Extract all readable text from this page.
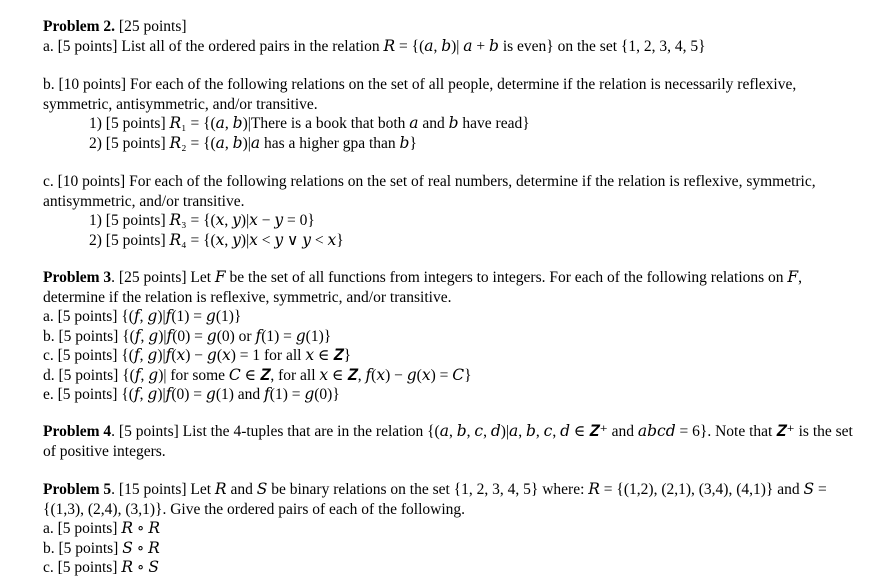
Problem 2. [25 points]
a. [5 points] List all of the ordered pairs in the relation 𝑅 = {(𝑎, 𝑏)| 𝑎 + 𝑏 is even} on the set {1, 2, 3, 4, 5}
b. [10 points] For each of the following relations on the set of all people, determine if the relation is necessarily reflexive, symmetric, antisymmetric, and/or transitive.
1) [5 points] 𝑅₁ = {(𝑎, 𝑏)|There is a book that both 𝑎 and 𝑏 have read}
2) [5 points] 𝑅₂ = {(𝑎, 𝑏)|𝑎 has a higher gpa than 𝑏}
c. [10 points] For each of the following relations on the set of real numbers, determine if the relation is reflexive, symmetric, antisymmetric, and/or transitive.
1) [5 points] 𝑅₃ = {(𝑥, 𝑦)|𝑥 − 𝑦 = 0}
2) [5 points] 𝑅₄ = {(𝑥, 𝑦)|𝑥 < 𝑦 ∨ 𝑦 < 𝑥}
Problem 3. [25 points] Let 𝐹 be the set of all functions from integers to integers. For each of the following relations on 𝐹, determine if the relation is reflexive, symmetric, and/or transitive.
a. [5 points] {(𝑓, 𝑔)|𝑓(1) = 𝑔(1)}
b. [5 points] {(𝑓, 𝑔)|𝑓(0) = 𝑔(0) or 𝑓(1) = 𝑔(1)}
c. [5 points] {(𝑓, 𝑔)|𝑓(𝑥) − 𝑔(𝑥) = 1 for all 𝑥 ∈ 𝒁}
d. [5 points] {(𝑓, 𝑔)| for some 𝐶 ∈ 𝒁, for all 𝑥 ∈ 𝒁, 𝑓(𝑥) − 𝑔(𝑥) = 𝐶}
e. [5 points] {(𝑓, 𝑔)|𝑓(0) = 𝑔(1) and 𝑓(1) = 𝑔(0)}
Problem 4. [5 points] List the 4-tuples that are in the relation {(𝑎, 𝑏, 𝑐, 𝑑)|𝑎, 𝑏, 𝑐, 𝑑 ∈ 𝒁⁺ and 𝑎𝑏𝑐𝑑 = 6}. Note that 𝒁⁺ is the set of positive integers.
Problem 5. [15 points] Let 𝑅 and 𝑆 be binary relations on the set {1, 2, 3, 4, 5} where: 𝑅 = {(1,2), (2,1), (3,4), (4,1)} and 𝑆 = {(1,3), (2,4), (3,1)}. Give the ordered pairs of each of the following.
a. [5 points] 𝑅 ∘ 𝑅
b. [5 points] 𝑆 ∘ 𝑅
c. [5 points] 𝑅 ∘ 𝑆
